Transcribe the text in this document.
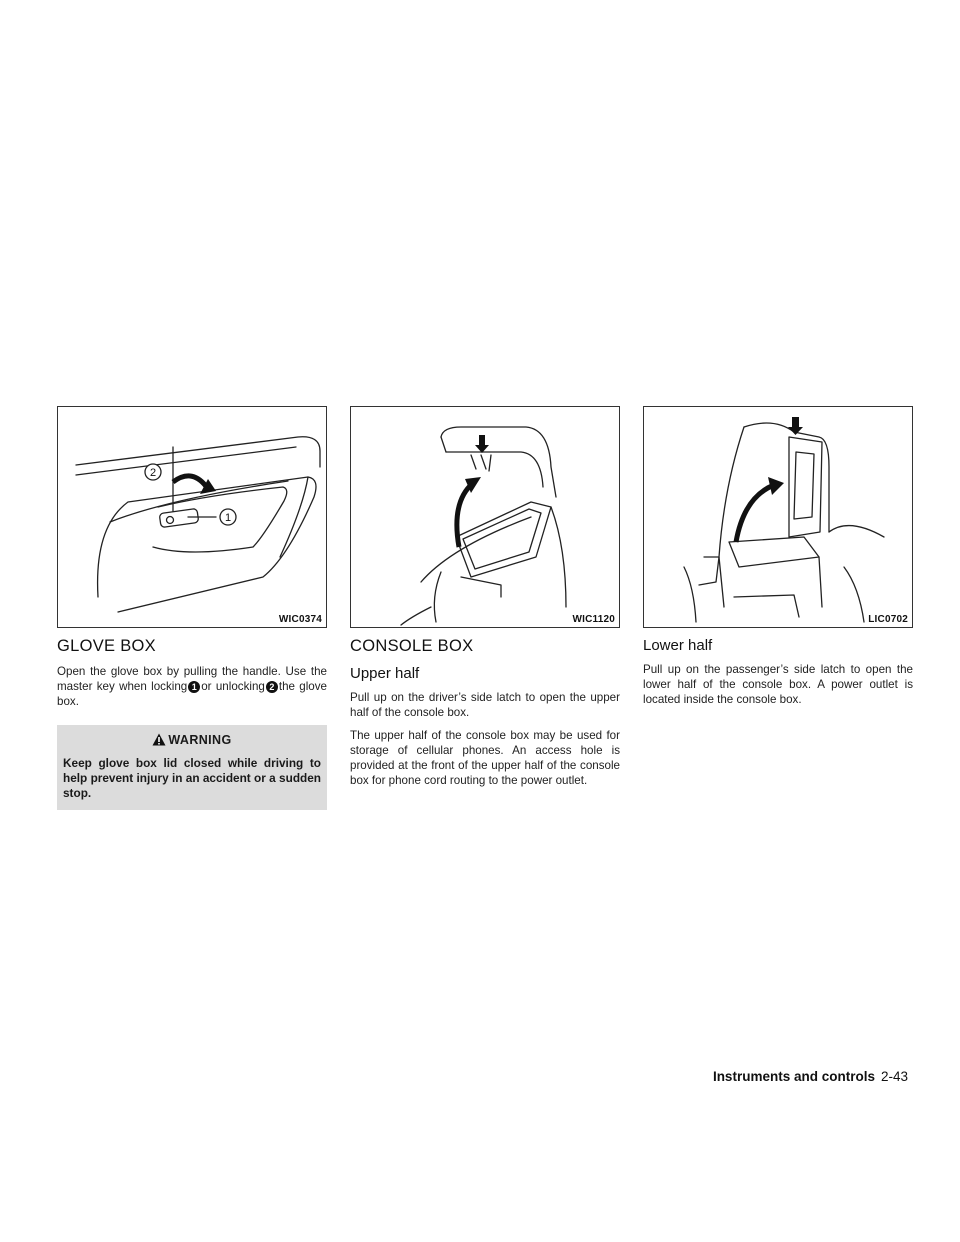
2
1
WIC0374
GLOVE BOX

Open the glove box by pulling the handle. Use the master key when locking 1 or unlocking 2 the glove box.

WARNING
Keep glove box lid closed while driving to help prevent injury in an accident or a sudden stop.
WIC1120
CONSOLE BOX
Upper half

Pull up on the driver’s side latch to open the upper half of the console box.

The upper half of the console box may be used for storage of cellular phones. An access hole is provided at the front of the upper half of the console box for phone cord routing to the power outlet.

LIC0702
Lower half

Pull up on the passenger’s side latch to open the lower half of the console box. A power outlet is located inside the console box.

Instruments and controls 2-43
